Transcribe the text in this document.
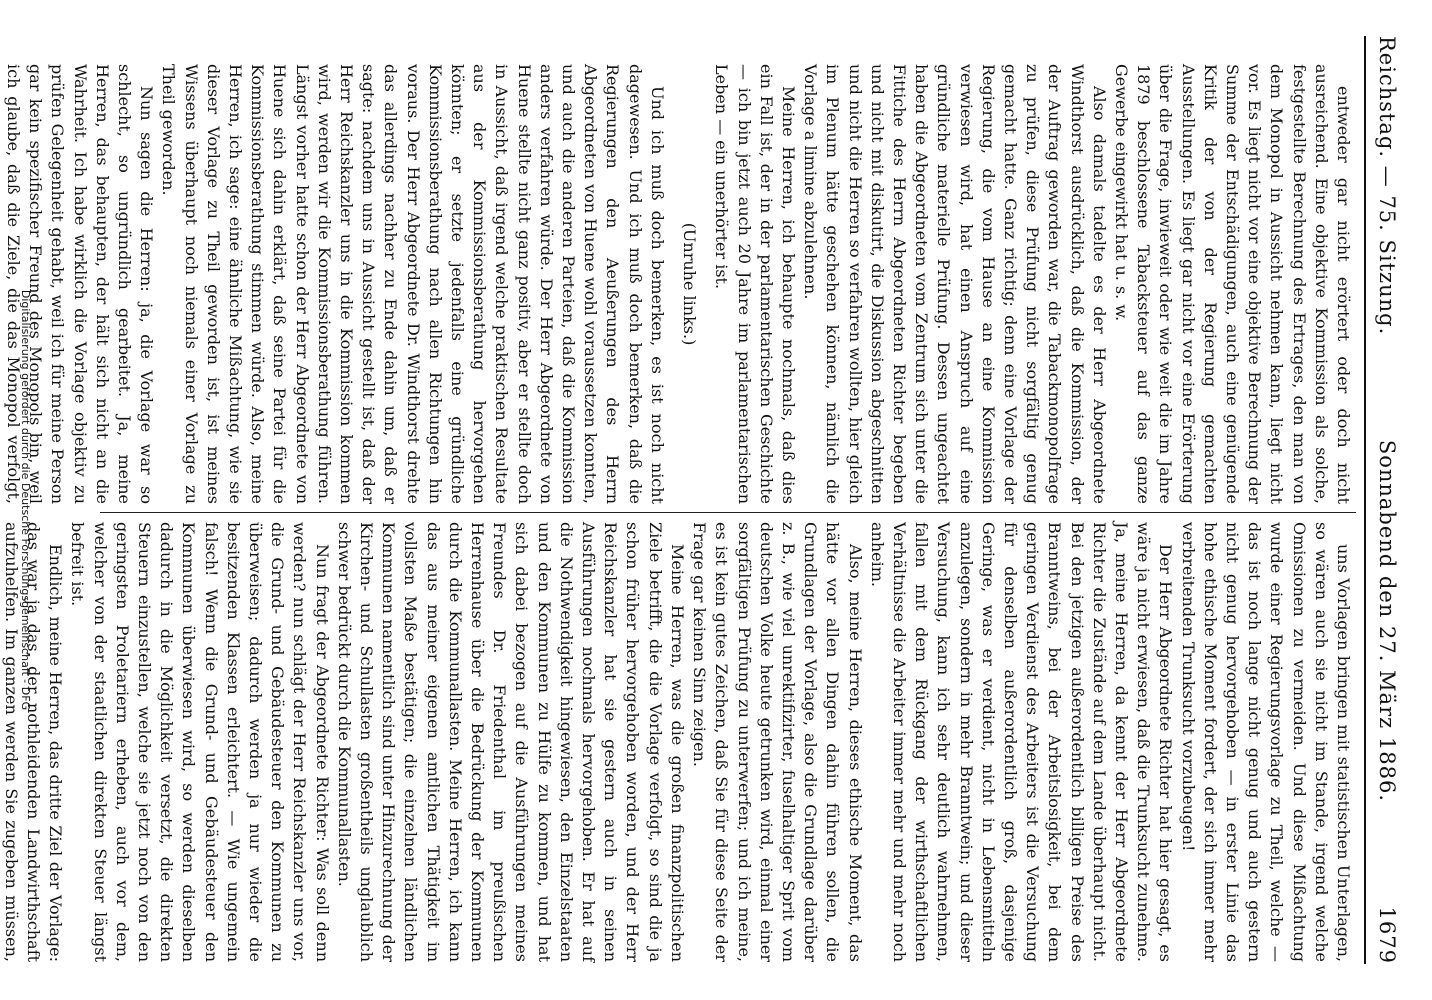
Reichstag. — 75. Sitzung.
Sonnabend den 27. März 1886.
1679

entweder gar nicht erörtert oder doch nicht ausreichend. Eine objektive Kommission als solche, festgestellte Berechnung des Ertrages, den man von dem Monopol in Aussicht nehmen kann, liegt nicht vor. Es liegt nicht vor eine objektive Berechnung der Summe der Entschädigungen, auch eine genügende Kritik der von der Regierung gemachten Ausstellungen. Es liegt gar nicht vor eine Erörterung über die Frage, inwieweit oder wie weit die im Jahre 1879 beschlossene Tabacksteuer auf das ganze Gewerbe eingewirkt hat u. s. w.

Also damals tadelte es der Herr Abgeordnete Windthorst ausdrücklich, daß die Kommission, der der Auftrag geworden war, die Tabackmonopolfrage zu prüfen, diese Prüfung nicht sorgfältig genug gemacht hatte. Ganz richtig; denn eine Vorlage der Regierung, die vom Hause an eine Kommission verwiesen wird, hat einen Anspruch auf eine gründliche materielle Prüfung. Dessen ungeachtet haben die Abgeordneten vom Zentrum sich unter die Fittiche des Herrn Abgeordneten Richter begeben und nicht mit diskutirt, die Diskussion abgeschnitten und nicht die Herren so verfahren wollten, hier gleich im Plenum hätte geschehen können, nämlich die Vorlage a limine abzulehnen.

Meine Herren, ich behaupte nochmals, daß dies ein Fall ist, der in der parlamentarischen Geschichte — ich bin jetzt auch 20 Jahre im parlamentarischen Leben — ein unerhörter ist.

(Unruhe links.)

Und ich muß doch bemerken, es ist noch nicht dagewesen. Und ich muß doch bemerken, daß die Regierungen den Aeußerungen des Herrn Abgeordneten von Huene wohl voraussetzen konnten, und auch die anderen Parteien, daß die Kommission anders verfahren würde. Der Herr Abgeordnete von Huene stellte nicht ganz positiv, aber er stellte doch in Aussicht, daß irgend welche praktischen Resultate aus der Kommissionsberathung hervorgehen könnten; er setzte jedenfalls eine gründliche Kommissionsberathung nach allen Richtungen hin voraus. Der Herr Abgeordnete Dr. Windthorst drehte das allerdings nachher zu Ende dahin um, daß er sagte: nachdem uns in Aussicht gestellt ist, daß der Herr Reichskanzler uns in die Kommission kommen wird, werden wir die Kommissionsberathung führen. Längst vorher hatte schon der Herr Abgeordnete von Huene sich dahin erklärt, daß seine Partei für die Kommissionsberathung stimmen würde. Also, meine Herren, ich sage: eine ähnliche Mißachtung, wie sie dieser Vorlage zu Theil geworden ist, ist meines Wissens überhaupt noch niemals einer Vorlage zu Theil geworden.

Nun sagen die Herren: ja, die Vorlage war so schlecht, so ungründlich gearbeitet. Ja, meine Herren, das behaupten, der hält sich nicht an die Wahrheit. Ich habe wirklich die Vorlage objektiv zu prüfen Gelegenheit gehabt, weil ich für meine Person gar kein spezifischer Freund des Monopols bin, weil ich glaube, daß die Ziele, die das Monopol verfolgt,

uns Vorlagen bringen mit statistischen Unterlagen, so wären auch sie nicht im Stande, irgend welche Omissionen zu vermeiden. Und diese Mißachtung wurde einer Regierungsvorlage zu Theil, welche — das ist noch lange nicht genug und auch gestern nicht genug hervorgehoben — in erster Linie das hohe ethische Moment fordert, der sich immer mehr verbreitenden Trunksucht vorzubeugen!

Der Herr Abgeordnete Richter hat hier gesagt, es wäre ja nicht erwiesen, daß die Trunksucht zunehme. Ja, meine Herren, da kennt der Herr Abgeordnete Richter die Zustände auf dem Lande überhaupt nicht. Bei den jetzigen außerordentlich billigen Preise des Branntweins, bei der Arbeitslosigkeit, bei dem geringen Verdienst des Arbeiters ist die Versuchung für denselben außerordentlich groß, dasjenige Geringe, was er verdient, nicht in Lebensmitteln anzulegen, sondern in mehr Branntwein; und dieser Versuchung, kann ich sehr deutlich wahrnehmen, fallen mit dem Rückgang der wirthschaftlichen Verhältnisse die Arbeiter immer mehr und mehr noch anheim.

Also, meine Herren, dieses ethische Moment, das hätte vor allen Dingen dahin führen sollen, die Grundlagen der Vorlage, also die Grundlage darüber z. B., wie viel unrektifizirter, fuselhaltiger Sprit vom deutschen Volke heute getrunken wird, einmal einer sorgfältigen Prüfung zu unterwerfen; und ich meine, es ist kein gutes Zeichen, daß Sie für diese Seite der Frage gar keinen Sinn zeigen.

Meine Herren, was die großen finanzpolitischen Ziele betrifft, die die Vorlage verfolgt, so sind die ja schon früher hervorgehoben worden, und der Herr Reichskanzler hat sie gestern auch in seinen Ausführungen nochmals hervorgehoben. Er hat auf die Nothwendigkeit hingewiesen, den Einzelstaaten und den Kommunen zu Hülfe zu kommen, und hat sich dabei bezogen auf die Ausführungen meines Freundes Dr. Friedenthal im preußischen Herrenhause über die Bedrückung der Kommunen durch die Kommunallasten. Meine Herren, ich kann das aus meiner eigenen amtlichen Thätigkeit im vollsten Maße bestätigen; die einzelnen ländlichen Kommunen namentlich sind unter Hinzurechnung der Kirchen- und Schullasten großentheils unglaublich schwer bedrückt durch die Kommunallasten.

Nun fragt der Abgeordnete Richter: Was soll denn werden? nun schlägt der Herr Reichskanzler uns vor, die Grund- und Gebäudesteuer den Kommunen zu überweisen; dadurch werden ja nur wieder die besitzenden Klassen erleichtert. — Wie ungemein falsch! Wenn die Grund- und Gebäudesteuer den Kommunen überwiesen wird, so werden dieselben dadurch in die Möglichkeit versetzt, die direkten Steuern einzustellen, welche sie jetzt noch von den geringsten Proletariern erheben, auch vor dem, welcher von der staatlichen direkten Steuer längst befreit ist.

Endlich, meine Herren, das dritte Ziel der Vorlage: das war ja das, der nothleidenden Landwirthschaft aufzuhelfen. Im ganzen werden Sie zugeben müssen,

Digitalisierung gefördert durch die Deutsche Forschungsgemeinschaft - DFG
